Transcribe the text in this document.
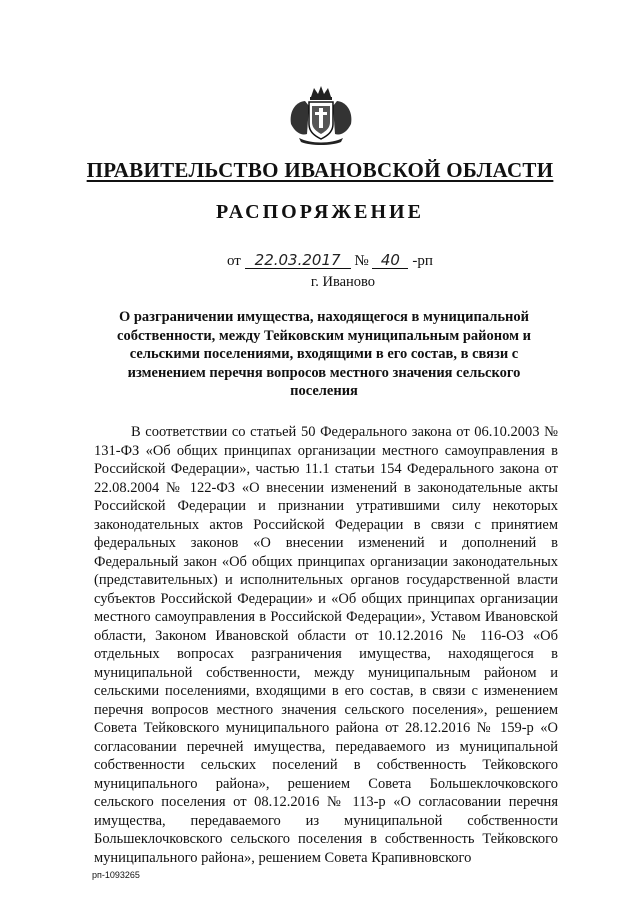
ПРАВИТЕЛЬСТВО ИВАНОВСКОЙ ОБЛАСТИ
РАСПОРЯЖЕНИЕ
от 22.03.2017 № 40 -рп
г. Иваново
О разграничении имущества, находящегося в муниципальной собственности, между Тейковским муниципальным районом и сельскими поселениями, входящими в его состав, в связи с изменением перечня вопросов местного значения сельского поселения

В соответствии со статьей 50 Федерального закона от 06.10.2003 № 131-ФЗ «Об общих принципах организации местного самоуправления в Российской Федерации», частью 11.1 статьи 154 Федерального закона от 22.08.2004 № 122-ФЗ «О внесении изменений в законодательные акты Российской Федерации и признании утратившими силу некоторых законодательных актов Российской Федерации в связи с принятием федеральных законов «О внесении изменений и дополнений в Федеральный закон «Об общих принципах организации законодательных (представительных) и исполнительных органов государственной власти субъектов Российской Федерации» и «Об общих принципах организации местного самоуправления в Российской Федерации», Уставом Ивановской области, Законом Ивановской области от 10.12.2016 № 116-ОЗ «Об отдельных вопросах разграничения имущества, находящегося в муниципальной собственности, между муниципальным районом и сельскими поселениями, входящими в его состав, в связи с изменением перечня вопросов местного значения сельского поселения», решением Совета Тейковского муниципального района от 28.12.2016 № 159-р «О согласовании перечней имущества, передаваемого из муниципальной собственности сельских поселений в собственность Тейковского муниципального района», решением Совета Большеклочковского сельского поселения от 08.12.2016 № 113-р «О согласовании перечня имущества, передаваемого из муниципальной собственности Большеклочковского сельского поселения в собственность Тейковского муниципального района», решением Совета Крапивновского

рп-1093265
